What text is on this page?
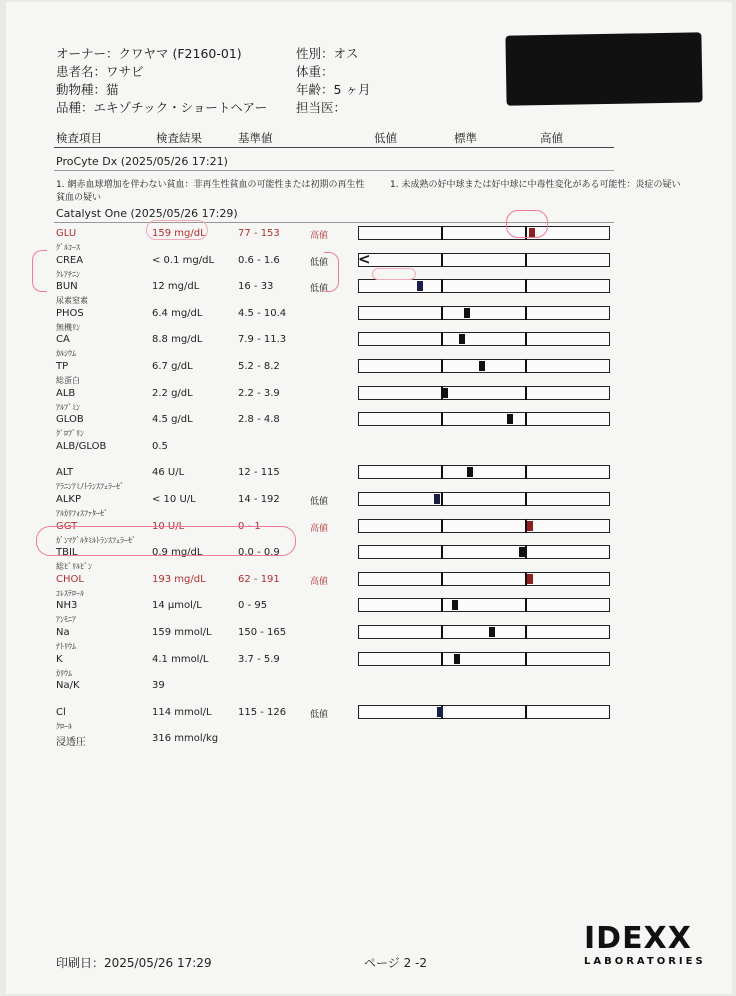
オーナー：クワヤマ (F2160-01)
患者名：ワサビ
動物種：猫
品種：エキゾチック・ショートヘアー
性別：オス
体重：
年齢：5 ヶ月
担当医：
検査項目	検査結果	基準値	低値	標準	高値
ProCyte Dx (2025/05/26 17:21)
1. 網赤血球増加を伴わない貧血：非再生性貧血の可能性または初期の再生性
貧血の疑い
1. 未成熟の好中球または好中球に中毒性変化がある可能性：炎症の疑い
Catalyst One (2025/05/26 17:29)
GLU
ｸﾞﾙｺｰｽ
159 mg/dL	77 - 153	高値
CREA
ｸﾚｱﾁﾆﾝ
< 0.1 mg/dL 0.6 - 1.6	低値 <
BUN
尿素窒素
12 mg/dL	16 - 33	低値
PHOS
無機ﾘﾝ
6.4 mg/dL	4.5 - 10.4
CA
ｶﾙｼｳﾑ
8.8 mg/dL	7.9 - 11.3
TP
総蛋白
6.7 g/dL	5.2 - 8.2
ALB
ｱﾙﾌﾞﾐﾝ
2.2 g/dL	2.2 - 3.9
GLOB
ｸﾞﾛﾌﾞﾘﾝ
4.5 g/dL	2.8 - 4.8
ALB/GLOB	0.5
ALT
ｱﾗﾆﾝｱﾐﾉﾄﾗﾝｽﾌｪﾗｰｾﾞ
46 U/L	12 - 115
ALKP
ｱﾙｶﾘﾌｫｽﾌｧﾀｰｾﾞ
< 10 U/L	14 - 192	低値
GGT
ｶﾞﾝﾏｸﾞﾙﾀﾐﾙﾄﾗﾝｽﾌｪﾗｰｾﾞ
10 U/L	0 - 1	高値
TBIL
総ﾋﾞﾘﾙﾋﾞﾝ
0.9 mg/dL	0.0 - 0.9
CHOL
ｺﾚｽﾃﾛｰﾙ
193 mg/dL	62 - 191	高値
NH3
ｱﾝﾓﾆｱ
14 μmol/L	0 - 95
Na
ﾅﾄﾘｳﾑ
159 mmol/L	150 - 165
K
ｶﾘｳﾑ
4.1 mmol/L	3.7 - 5.9
Na/K	39
Cl
ｸﾛｰﾙ
114 mmol/L	115 - 126	低値
浸透圧	316 mmol/kg
印刷日：2025/05/26 17:29	ページ 2 -2
IDEXX
LABORATORIES
